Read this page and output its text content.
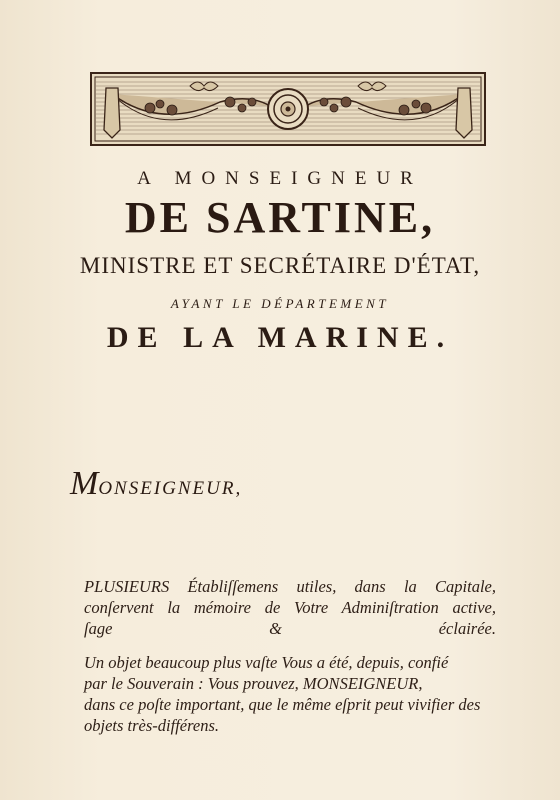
A MONSEIGNEUR
DE SARTINE,
MINISTRE ET SECRÉTAIRE D'ÉTAT,
AYANT LE DÉPARTEMENT
DE LA MARINE.
MONSEIGNEUR,
PLUSIEURS Établiſſemens utiles, dans la Capitale,
conſervent la mémoire de Votre Adminiſtration active,
ſage & éclairée.
Un objet beaucoup plus vaſte Vous a été, depuis, confié
par le Souverain : Vous prouvez, MONSEIGNEUR,
dans ce poſte important, que le même eſprit peut vivifier des
objets très-différens.
